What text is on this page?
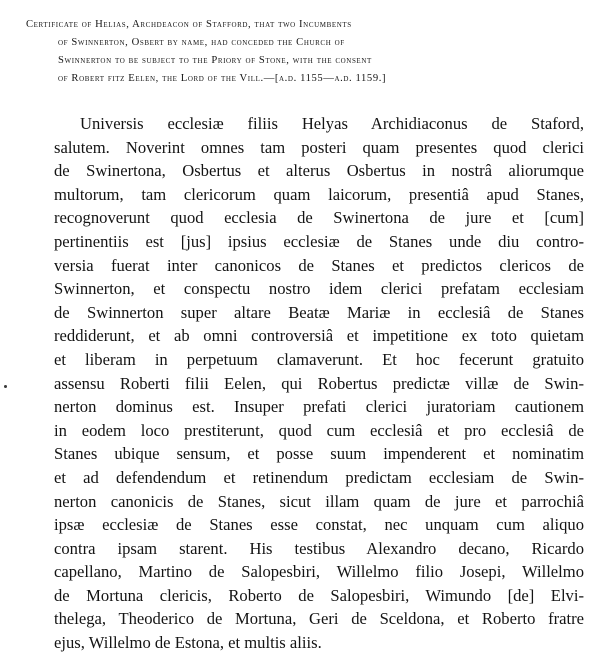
Certificate of Helias, Archdeacon of Stafford, that two Incumbents
of Swinnerton, Osbert by name, had conceded the Church of
Swinnerton to be subject to the Priory of Stone, with the consent
of Robert fitz Eelen, the Lord of the Vill.—[a.d. 1155—a.d. 1159.]
Universis ecclesiæ filiis Helyas Archidiaconus de Staford,
salutem. Noverint omnes tam posteri quam presentes quod clerici
de Swinertona, Osbertus et alterus Osbertus in nostrâ aliorumque
multorum, tam clericorum quam laicorum, presentiâ apud Stanes,
recognoverunt quod ecclesia de Swinertona de jure et [cum]
pertinentiis est [jus] ipsius ecclesiæ de Stanes unde diu contro-
versia fuerat inter canonicos de Stanes et predictos clericos de
Swinnerton, et conspectu nostro idem clerici prefatam ecclesiam
de Swinnerton super altare Beatæ Mariæ in ecclesiâ de Stanes
reddiderunt, et ab omni controversiâ et impetitione ex toto quietam
et liberam in perpetuum clamaverunt. Et hoc fecerunt gratuito
assensu Roberti filii Eelen, qui Robertus predictæ villæ de Swin-
nerton dominus est. Insuper prefati clerici juratoriam cautionem
in eodem loco prestiterunt, quod cum ecclesiâ et pro ecclesiâ de
Stanes ubique sensum, et posse suum impenderent et nominatim
et ad defendendum et retinendum predictam ecclesiam de Swin-
nerton canonicis de Stanes, sicut illam quam de jure et parrochiâ
ipsæ ecclesiæ de Stanes esse constat, nec unquam cum aliquo
contra ipsam starent. His testibus Alexandro decano, Ricardo
capellano, Martino de Salopesbiri, Willelmo filio Josepi, Willelmo
de Mortuna clericis, Roberto de Salopesbiri, Wimundo [de] Elvi-
thelega, Theoderico de Mortuna, Geri de Sceldona, et Roberto fratre
ejus, Willelmo de Estona, et multis aliis.
